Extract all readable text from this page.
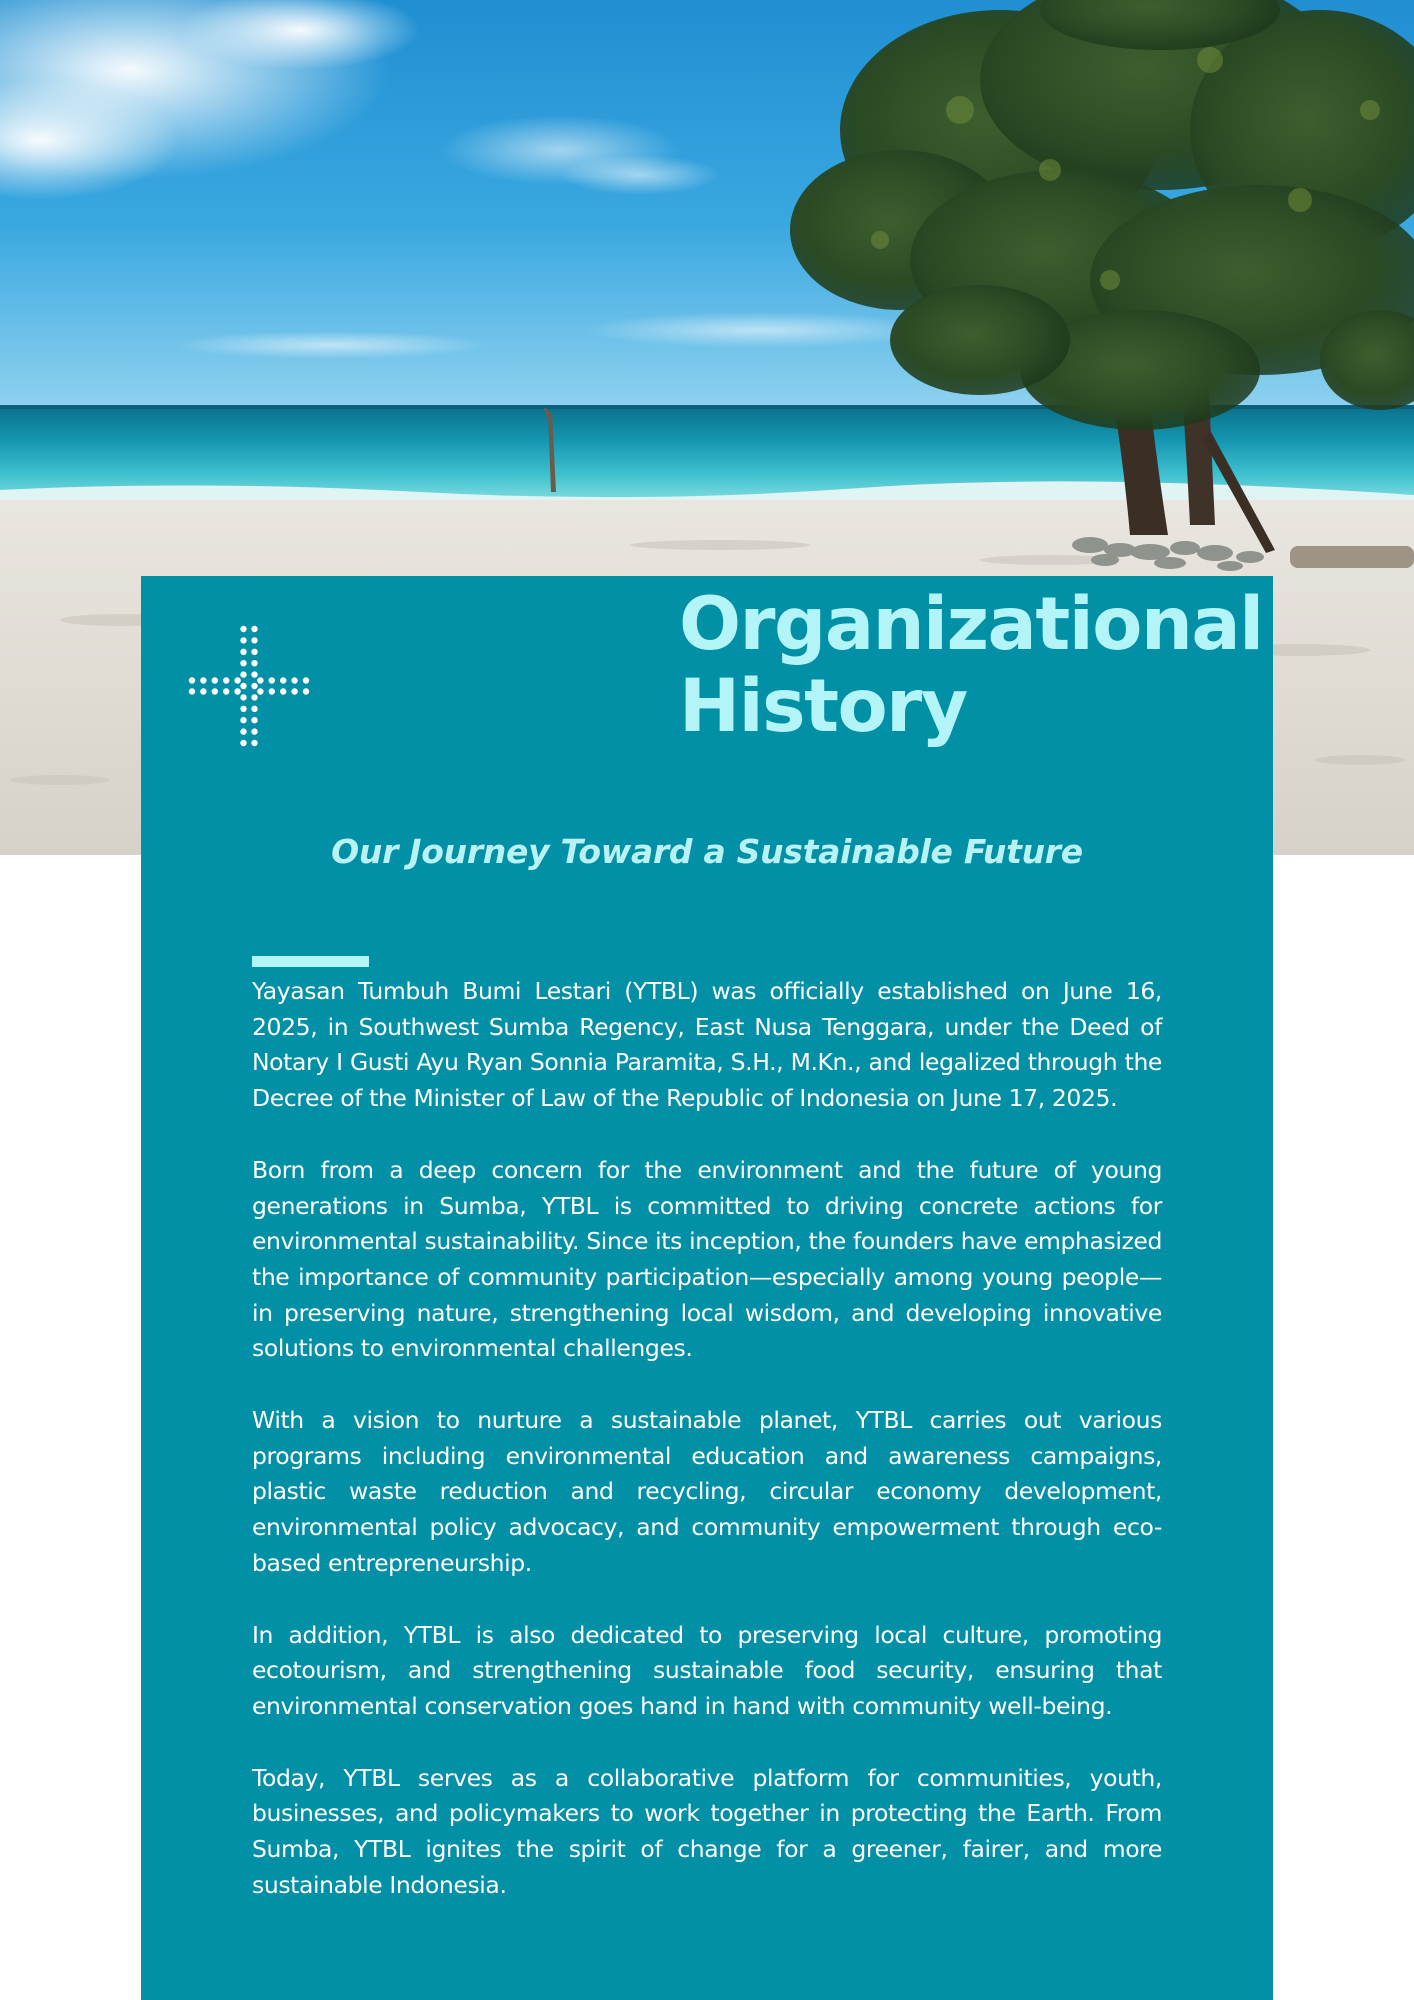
Organizational
History
Our Journey Toward a Sustainable Future

Yayasan Tumbuh Bumi Lestari (YTBL) was officially established on June 16, 2025, in Southwest Sumba Regency, East Nusa Tenggara, under the Deed of Notary I Gusti Ayu Ryan Sonnia Paramita, S.H., M.Kn., and legalized through the Decree of the Minister of Law of the Republic of Indonesia on June 17, 2025.

Born from a deep concern for the environment and the future of young generations in Sumba, YTBL is committed to driving concrete actions for environmental sustainability. Since its inception, the founders have emphasized the importance of community participation—especially among young people—in preserving nature, strengthening local wisdom, and developing innovative solutions to environmental challenges.

With a vision to nurture a sustainable planet, YTBL carries out various programs including environmental education and awareness campaigns, plastic waste reduction and recycling, circular economy development, environmental policy advocacy, and community empowerment through eco-based entrepreneurship.

In addition, YTBL is also dedicated to preserving local culture, promoting ecotourism, and strengthening sustainable food security, ensuring that environmental conservation goes hand in hand with community well-being.

Today, YTBL serves as a collaborative platform for communities, youth, businesses, and policymakers to work together in protecting the Earth. From Sumba, YTBL ignites the spirit of change for a greener, fairer, and more sustainable Indonesia.
